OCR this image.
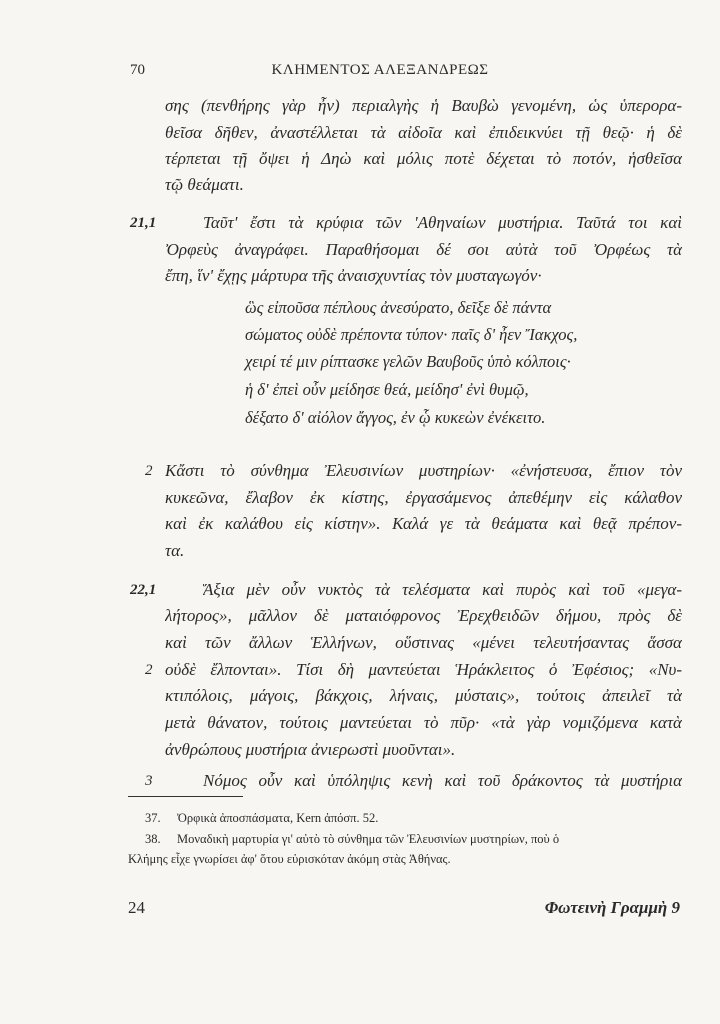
70	ΚΛΗΜΕΝΤΟΣ ΑΛΕΞΑΝΔΡΕΩΣ
σης (πενθήρης γὰρ ἦν) περιαλγὴς ἡ Βαυβὼ γενομένη, ὡς ὑπερορα-
θεῖσα δῆθεν, ἀναστέλλεται τὰ αἰδοῖα καὶ ἐπιδεικνύει τῇ θεῷ· ἡ δὲ
τέρπεται τῇ ὄψει ἡ Δηὼ καὶ μόλις ποτὲ δέχεται τὸ ποτόν, ἡσθεῖσα
τῷ θεάματι.
21,1	Ταῦτ' ἔστι τὰ κρύφια τῶν 'Αθηναίων μυστήρια. Ταῦτά τοι καὶ
Ὀρφεὺς ἀναγράφει. Παραθήσομαι δέ σοι αὐτὰ τοῦ Ὀρφέως τὰ
ἔπη, ἵν' ἔχῃς μάρτυρα τῆς ἀναισχυντίας τὸν μυσταγωγόν·
ὣς εἰποῦσα πέπλους ἀνεσύρατο, δεῖξε δὲ πάντα
σώματος οὐδὲ πρέποντα τύπον· παῖς δ' ἦεν Ἴακχος,
χειρί τέ μιν ρίπτασκε γελῶν Βαυβοῦς ὑπὸ κόλποις·
ἡ δ' ἐπεὶ οὖν μείδησε θεά, μείδησ' ἐνὶ θυμῷ,
δέξατο δ' αἰόλον ἄγγος, ἐν ᾧ κυκεὼν ἐνέκειτο.
2 Κἄστι τὸ σύνθημα Ἐλευσινίων μυστηρίων· «ἐνήστευσα, ἔπιον τὸν
κυκεῶνα, ἔλαβον ἐκ κίστης, ἐργασάμενος ἀπεθέμην εἰς κάλαθον
καὶ ἐκ καλάθου εἰς κίστην». Καλά γε τὰ θεάματα καὶ θεᾷ πρέπον-
τα.
22,1	Ἄξια μὲν οὖν νυκτὸς τὰ τελέσματα καὶ πυρὸς καὶ τοῦ «μεγα-
λήτορος», μᾶλλον δὲ ματαιόφρονος Ἐρεχθειδῶν δήμου, πρὸς δὲ
καὶ τῶν ἄλλων Ἑλλήνων, οὕστινας «μένει τελευτήσαντας ἅσσα
2 οὐδὲ ἔλπονται». Τίσι δὴ μαντεύεται Ἡράκλειτος ὁ Ἐφέσιος; «Νυ-
κτιπόλοις, μάγοις, βάκχοις, λήναις, μύσταις», τούτοις ἀπειλεῖ τὰ
μετὰ θάνατον, τούτοις μαντεύεται τὸ πῦρ· «τὰ γὰρ νομιζόμενα κατὰ
ἀνθρώπους μυστήρια ἀνιερωστὶ μυοῦνται».
3	Νόμος οὖν καὶ ὑπόληψις κενὴ καὶ τοῦ δράκοντος τὰ μυστήρια
37. Ὀρφικὰ ἀποσπάσματα, Kern ἀπόσπ. 52.
38. Μοναδικὴ μαρτυρία γι' αὐτὸ τὸ σύνθημα τῶν Ἐλευσινίων μυστηρίων, ποὺ ὁ
Κλήμης εἶχε γνωρίσει ἀφ' ὅτου εὑρισκόταν ἀκόμη στὰς Ἀθήνας.
24	Φωτεινὴ Γραμμὴ 9
